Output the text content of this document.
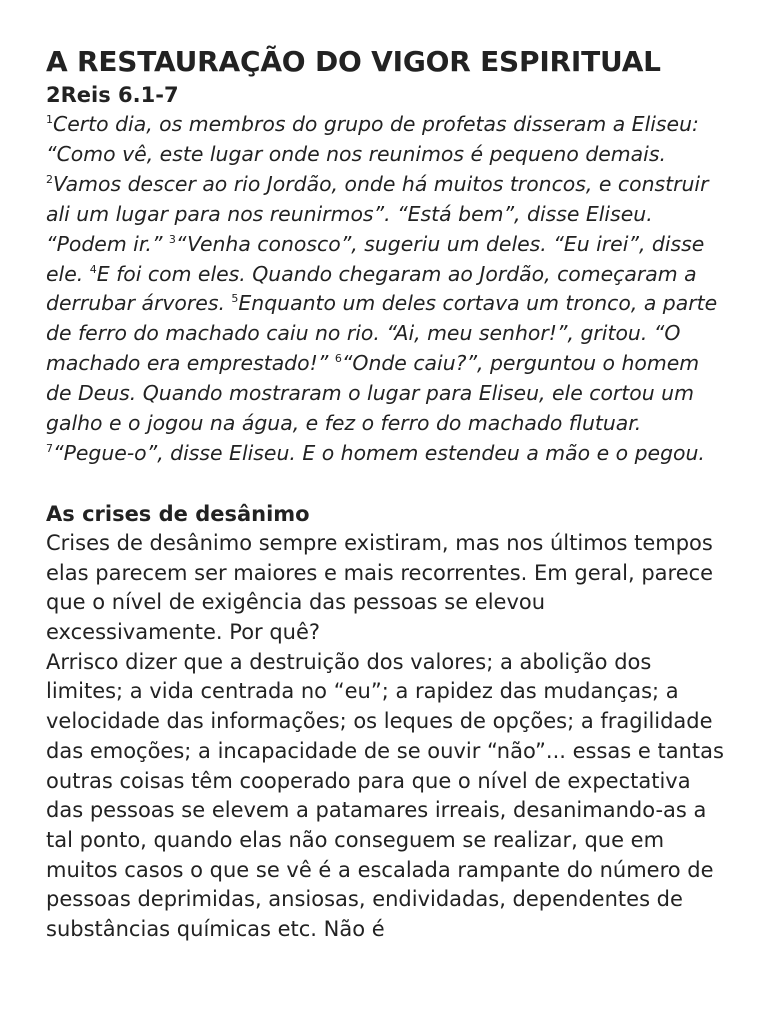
A RESTAURAÇÃO DO VIGOR ESPIRITUAL

2Reis 6.1-7

$^1$Certo dia, os membros do grupo de profetas disseram a Eliseu: “Como vê, este lugar onde nos reunimos é pequeno demais. $^2$Vamos descer ao rio Jordão, onde há muitos troncos, e construir ali um lugar para nos reunirmos”. “Está bem”, disse Eliseu. “Podem ir.” $^3$“Venha conosco”, sugeriu um deles. “Eu irei”, disse ele. $^4$E foi com eles. Quando chegaram ao Jordão, começaram a derrubar árvores. $^5$Enquanto um deles cortava um tronco, a parte de ferro do machado caiu no rio. “Ai, meu senhor!”, gritou. “O machado era emprestado!” $^6$“Onde caiu?”, perguntou o homem de Deus. Quando mostraram o lugar para Eliseu, ele cortou um galho e o jogou na água, e fez o ferro do machado flutuar. $^7$“Pegue-o”, disse Eliseu. E o homem estendeu a mão e o pegou.

As crises de desânimo

Crises de desânimo sempre existiram, mas nos últimos tempos elas parecem ser maiores e mais recorrentes. Em geral, parece que o nível de exigência das pessoas se elevou excessivamente. Por quê?

Arrisco dizer que a destruição dos valores; a abolição dos limites; a vida centrada no “eu”; a rapidez das mudanças; a velocidade das informações; os leques de opções; a fragilidade das emoções; a incapacidade de se ouvir “não”... essas e tantas outras coisas têm cooperado para que o nível de expectativa das pessoas se elevem a patamares irreais, desanimando-as a tal ponto, quando elas não conseguem se realizar, que em muitos casos o que se vê é a escalada rampante do número de pessoas deprimidas, ansiosas, endividadas, dependentes de substâncias químicas etc. Não é
